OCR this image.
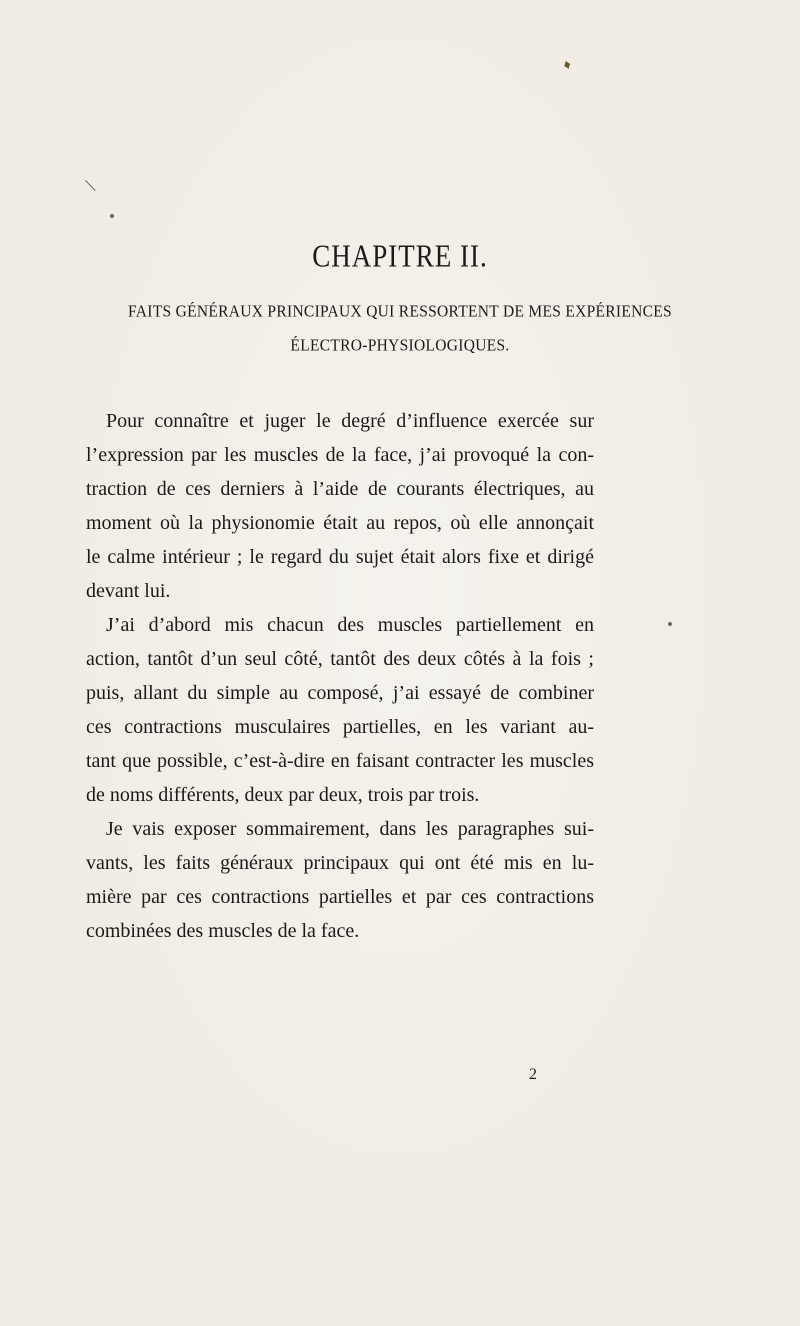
♦
\
CHAPITRE II.
FAITS GÉNÉRAUX PRINCIPAUX QUI RESSORTENT DE MES EXPÉRIENCES
ÉLECTRO-PHYSIOLOGIQUES.
Pour connaître et juger le degré d’influence exercée sur
l’expression par les muscles de la face, j’ai provoqué la con-
traction de ces derniers à l’aide de courants électriques, au
moment où la physionomie était au repos, où elle annonçait
le calme intérieur ; le regard du sujet était alors fixe et dirigé
devant lui.
J’ai d’abord mis chacun des muscles partiellement en
action, tantôt d’un seul côté, tantôt des deux côtés à la fois ;
puis, allant du simple au composé, j’ai essayé de combiner
ces contractions musculaires partielles, en les variant au-
tant que possible, c’est-à-dire en faisant contracter les muscles
de noms différents, deux par deux, trois par trois.
Je vais exposer sommairement, dans les paragraphes sui-
vants, les faits généraux principaux qui ont été mis en lu-
mière par ces contractions partielles et par ces contractions
combinées des muscles de la face.
2
